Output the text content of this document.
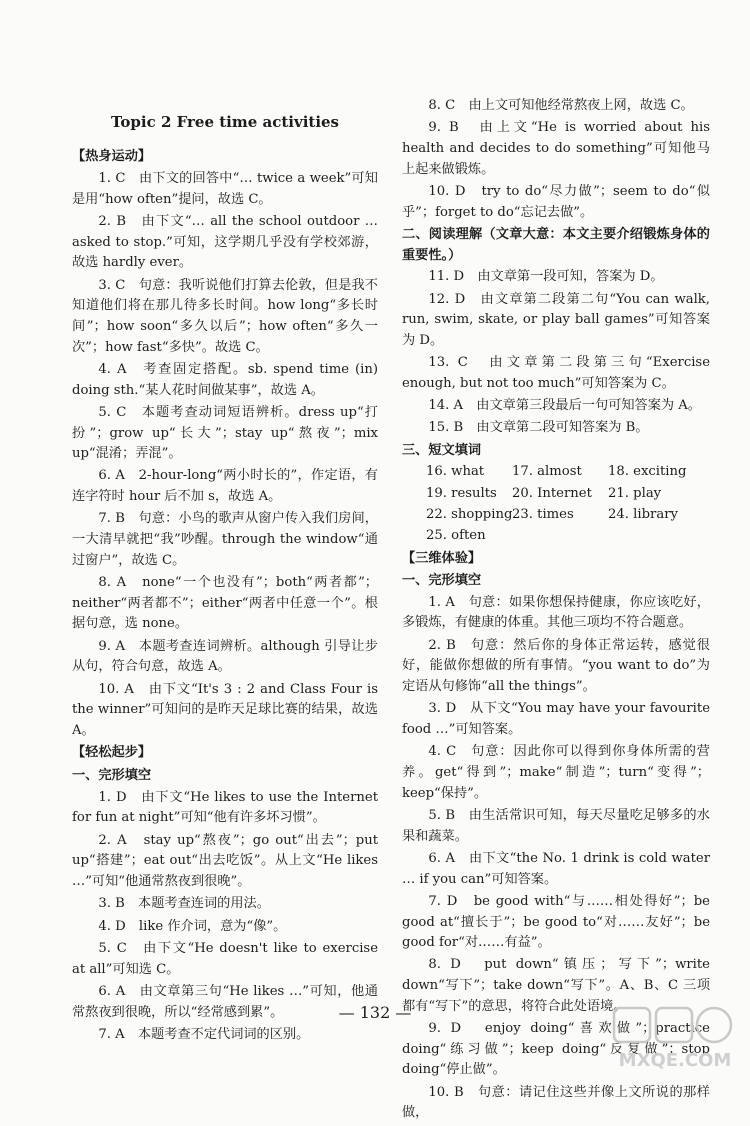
Topic 2 Free time activities
【热身运动】
1. C　由下文的回答中“… twice a week”可知是用“how often”提问，故选 C。
2. B　由下文“… all the school outdoor … asked to stop.”可知，这学期几乎没有学校郊游，故选 hardly ever。
3. C　句意：我听说他们打算去伦敦，但是我不知道他们将在那儿待多长时间。how long“多长时间”；how soon“多久以后”；how often“多久一次”；how fast“多快”。故选 C。
4. A　考查固定搭配。sb. spend time (in) doing sth.“某人花时间做某事”，故选 A。
5. C　本题考查动词短语辨析。dress up“打扮”；grow up“长大”；stay up“熬夜”；mix up“混淆；弄混”。
6. A　2-hour-long“两小时长的”，作定语，有连字符时 hour 后不加 s，故选 A。
7. B　句意：小鸟的歌声从窗户传入我们房间，一大清早就把“我”吵醒。through the window“通过窗户”，故选 C。
8. A　none“一个也没有”；both“两者都”；neither“两者都不”；either“两者中任意一个”。根据句意，选 none。
9. A　本题考查连词辨析。although 引导让步从句，符合句意，故选 A。
10. A　由下文“It's 3 : 2 and Class Four is the winner”可知问的是昨天足球比赛的结果，故选 A。
【轻松起步】
一、完形填空
1. D　由下文“He likes to use the Internet for fun at night”可知“他有许多坏习惯”。
2. A　stay up“熬夜”；go out“出去”；put up“搭建”；eat out“出去吃饭”。从上文“He likes …”可知“他通常熬夜到很晚”。
3. B　本题考查连词的用法。
4. D　like 作介词，意为“像”。
5. C　由下文“He doesn't like to exercise at all”可知选 C。
6. A　由文章第三句“He likes …”可知，他通常熬夜到很晚，所以“经常感到累”。
7. A　本题考查不定代词词的区别。
8. C　由上文可知他经常熬夜上网，故选 C。
9. B　由上文“He is worried about his health and decides to do something”可知他马上起来做锻炼。
10. D　try to do“尽力做”；seem to do“似乎”；forget to do“忘记去做”。
二、阅读理解（文章大意：本文主要介绍锻炼身体的重要性。）
11. D　由文章第一段可知，答案为 D。
12. D　由文章第二段第二句“You can walk, run, swim, skate, or play ball games”可知答案为 D。
13. C　由文章第二段第三句“Exercise enough, but not too much”可知答案为 C。
14. A　由文章第三段最后一句可知答案为 A。
15. B　由文章第二段可知答案为 B。
三、短文填词
16. what	17. almost	18. exciting
19. results	20. Internet	21. play
22. shopping 23. times	24. library
25. often
【三维体验】
一、完形填空
1. A　句意：如果你想保持健康，你应该吃好，多锻炼，有健康的体重。其他三项均不符合题意。
2. B　句意：然后你的身体正常运转，感觉很好，能做你想做的所有事情。“you want to do”为定语从句修饰“all the things”。
3. D　从下文“You may have your favourite food …”可知答案。
4. C　句意：因此你可以得到你身体所需的营养。get“得到”；make“制造”；turn“变得”；keep“保持”。
5. B　由生活常识可知，每天尽量吃足够多的水果和蔬菜。
6. A　由下文“the No. 1 drink is cold water … if you can”可知答案。
7. D　be good with“与……相处得好”；be good at“擅长于”；be good to“对……友好”；be good for“对……有益”。
8. D　put down“镇压；写下”；write down“写下”；take down“写下”。A、B、C 三项都有“写下”的意思，将符合此处语境。
9. D　enjoy doing“喜欢做”；practice doing“练习做”；keep doing“反复做”；stop doing“停止做”。
10. B　句意：请记住这些并像上文所说的那样做，
— 132 —
MXQE.COM
